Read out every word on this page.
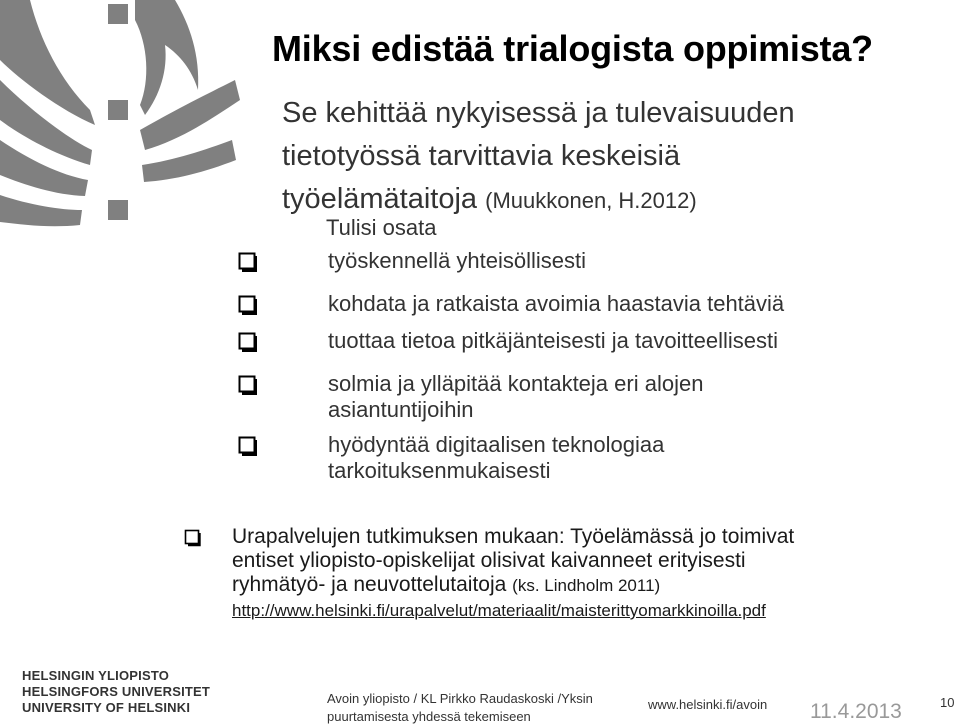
Miksi edistää trialogista oppimista?
Se kehittää nykyisessä ja tulevaisuuden
tietotyössä tarvittavia keskeisiä
työelämätaitoja (Muukkonen, H.2012)
Tulisi osata
työskennellä yhteisöllisesti
kohdata ja ratkaista avoimia haastavia tehtäviä
tuottaa tietoa pitkäjänteisesti ja tavoitteellisesti
solmia ja ylläpitää kontakteja eri alojen
asiantuntijoihin
hyödyntää digitaalisen teknologiaa
tarkoituksenmukaisesti
Urapalvelujen tutkimuksen mukaan: Työelämässä jo toimivat
entiset yliopisto-opiskelijat olisivat kaivanneet erityisesti
ryhmätyö- ja neuvottelutaitoja (ks. Lindholm 2011)
http://www.helsinki.fi/urapalvelut/materiaalit/maisterittyomarkkinoilla.pdf
HELSINGIN YLIOPISTO
HELSINGFORS UNIVERSITET
UNIVERSITY OF HELSINKI
Avoin yliopisto / KL Pirkko Raudaskoski /Yksin
puurtamisesta yhdessä tekemiseen
www.helsinki.fi/avoin 11.4.2013	10
